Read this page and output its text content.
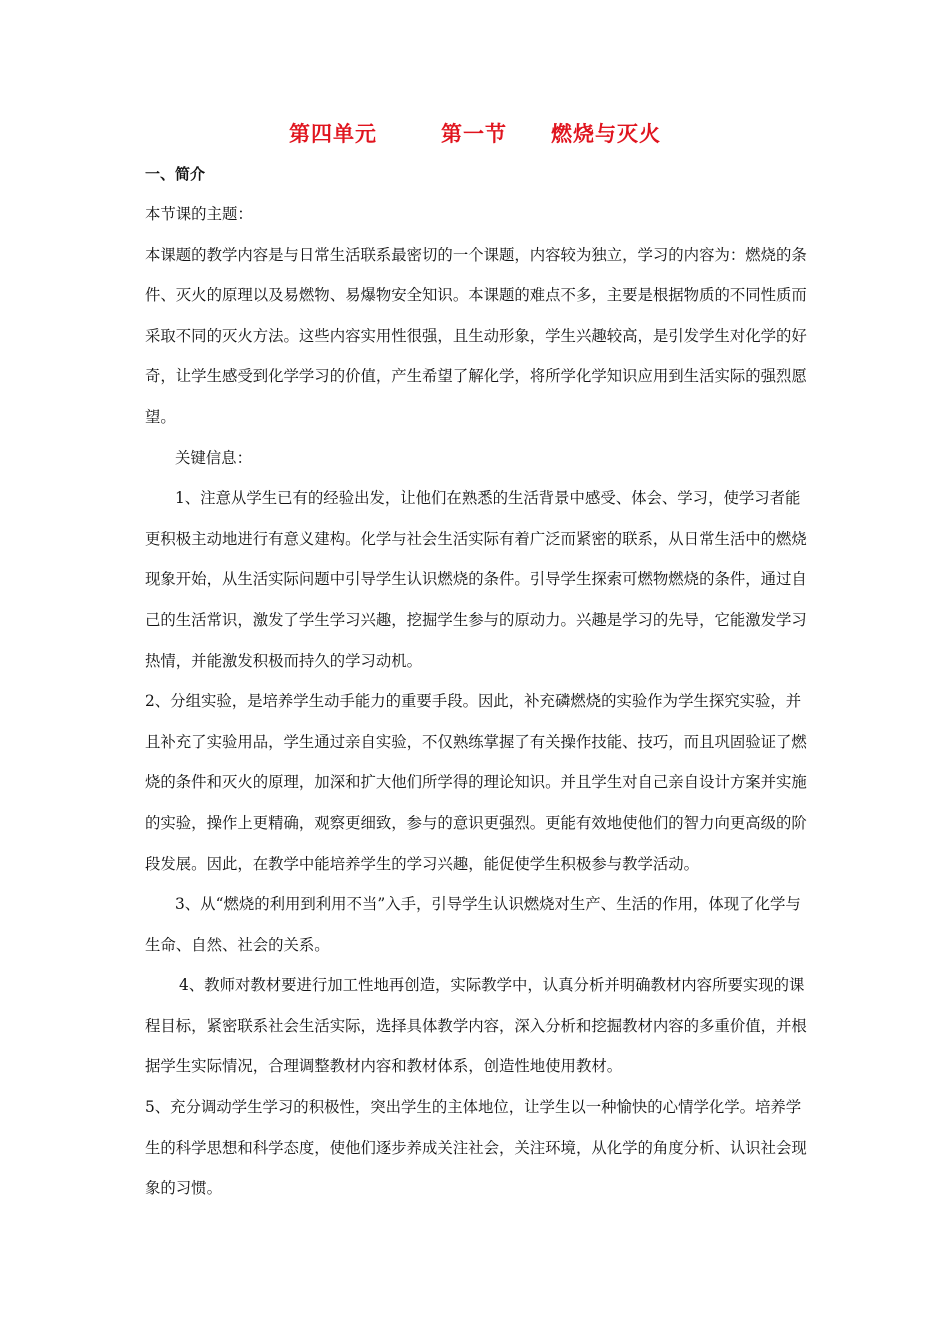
第四单元	第一节 燃烧与灭火
一、简介

本节课的主题：

本课题的教学内容是与日常生活联系最密切的一个课题，内容较为独立，学习的内容为：燃烧的条件、灭火的原理以及易燃物、易爆物安全知识。本课题的难点不多，主要是根据物质的不同性质而采取不同的灭火方法。这些内容实用性很强，且生动形象，学生兴趣较高，是引发学生对化学的好奇，让学生感受到化学学习的价值，产生希望了解化学，将所学化学知识应用到生活实际的强烈愿望。

关键信息：

1、注意从学生已有的经验出发，让他们在熟悉的生活背景中感受、体会、学习，使学习者能更积极主动地进行有意义建构。化学与社会生活实际有着广泛而紧密的联系，从日常生活中的燃烧现象开始，从生活实际问题中引导学生认识燃烧的条件。引导学生探索可燃物燃烧的条件，通过自己的生活常识，激发了学生学习兴趣，挖掘学生参与的原动力。兴趣是学习的先导，它能激发学习热情，并能激发积极而持久的学习动机。

2、分组实验，是培养学生动手能力的重要手段。因此，补充磷燃烧的实验作为学生探究实验，并且补充了实验用品，学生通过亲自实验，不仅熟练掌握了有关操作技能、技巧，而且巩固验证了燃烧的条件和灭火的原理，加深和扩大他们所学得的理论知识。并且学生对自己亲自设计方案并实施的实验，操作上更精确，观察更细致，参与的意识更强烈。更能有效地使他们的智力向更高级的阶段发展。因此，在教学中能培养学生的学习兴趣，能促使学生积极参与教学活动。

3、从“燃烧的利用到利用不当”入手，引导学生认识燃烧对生产、生活的作用，体现了化学与生命、自然、社会的关系。

4、教师对教材要进行加工性地再创造，实际教学中，认真分析并明确教材内容所要实现的课程目标，紧密联系社会生活实际，选择具体教学内容，深入分析和挖掘教材内容的多重价值，并根据学生实际情况，合理调整教材内容和教材体系，创造性地使用教材。

5、充分调动学生学习的积极性，突出学生的主体地位，让学生以一种愉快的心情学化学。培养学生的科学思想和科学态度，使他们逐步养成关注社会，关注环境，从化学的角度分析、认识社会现象的习惯。
